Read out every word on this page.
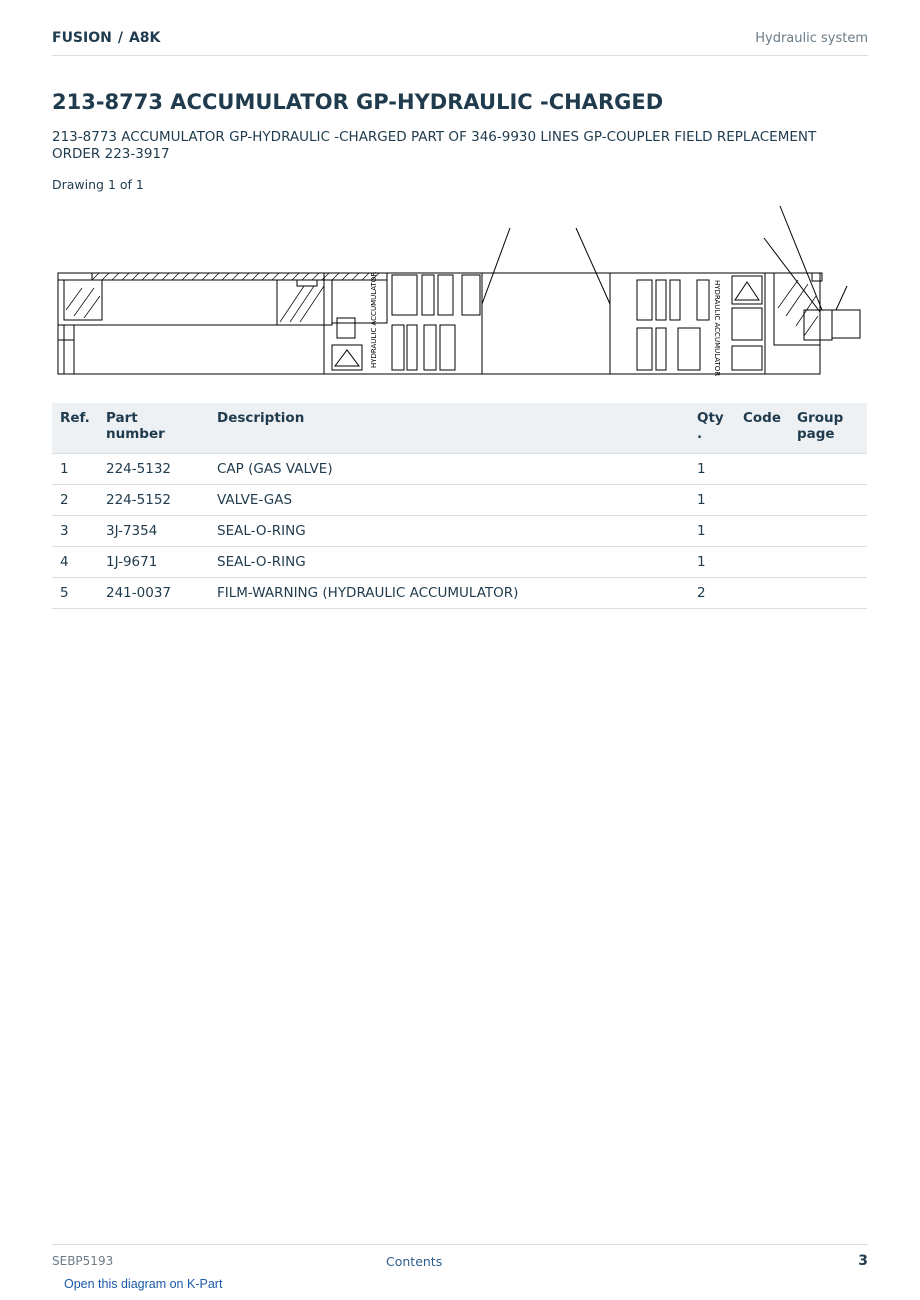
FUSION / A8K	Hydraulic system
213-8773 ACCUMULATOR GP-HYDRAULIC -CHARGED
213-8773 ACCUMULATOR GP-HYDRAULIC -CHARGED PART OF 346-9930 LINES GP-COUPLER FIELD REPLACEMENT ORDER 223-3917
Drawing 1 of 1
HYDRAULIC ACCUMULATOR	HYDRAULIC ACCUMULATOR
Ref.	Part number	Description	Qty .	Code	Group page
1	224-5132	CAP (GAS VALVE)	1		
2	224-5152	VALVE-GAS	1		
3	3J-7354	SEAL-O-RING	1		
4	1J-9671	SEAL-O-RING	1		
5	241-0037	FILM-WARNING (HYDRAULIC ACCUMULATOR)	2		
SEBP5193	Contents	3
Open this diagram on K-Part
